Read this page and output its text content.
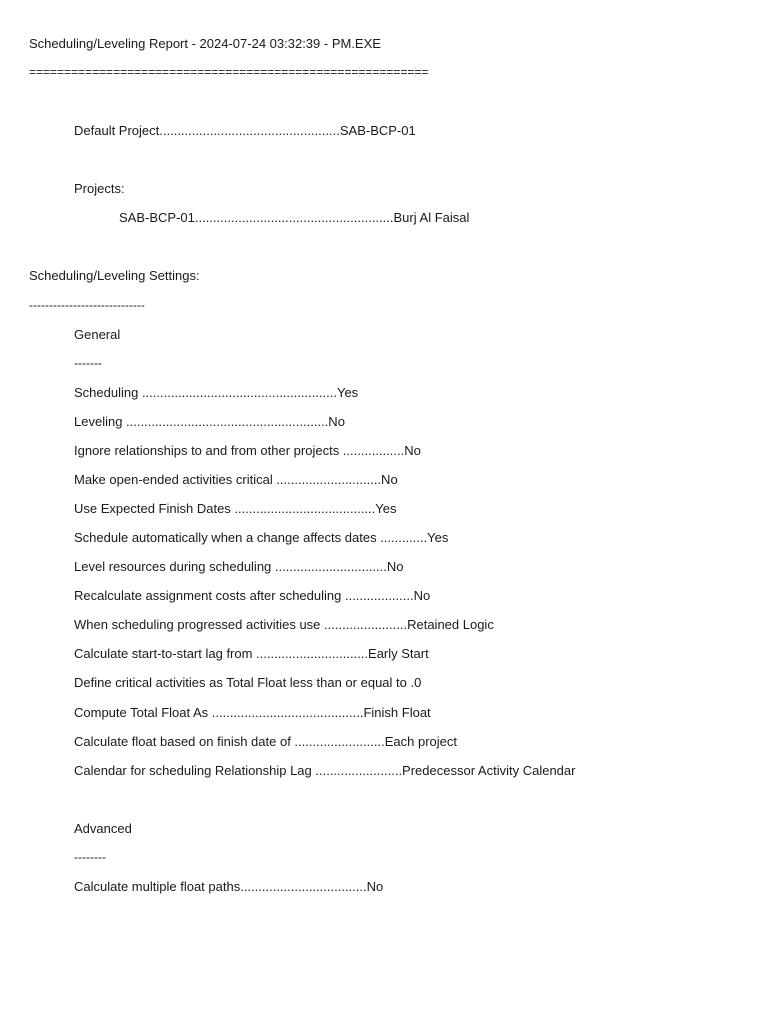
Scheduling/Leveling Report - 2024-07-24 03:32:39 - PM.EXE
=========================================================
Default Project..................................................SAB-BCP-01
Projects:
SAB-BCP-01.......................................................Burj Al Faisal
Scheduling/Leveling Settings:
-----------------------------
General
-------
Scheduling ......................................................Yes
Leveling ........................................................No
Ignore relationships to and from other projects .................No
Make open-ended activities critical .............................No
Use Expected Finish Dates .......................................Yes
Schedule automatically when a change affects dates .............Yes
Level resources during scheduling ...............................No
Recalculate assignment costs after scheduling ...................No
When scheduling progressed activities use .......................Retained Logic
Calculate start-to-start lag from ...............................Early Start
Define critical activities as Total Float less than or equal to .0
Compute Total Float As ..........................................Finish Float
Calculate float based on finish date of .........................Each project
Calendar for scheduling Relationship Lag ........................Predecessor Activity Calendar
Advanced
--------
Calculate multiple float paths...................................No
